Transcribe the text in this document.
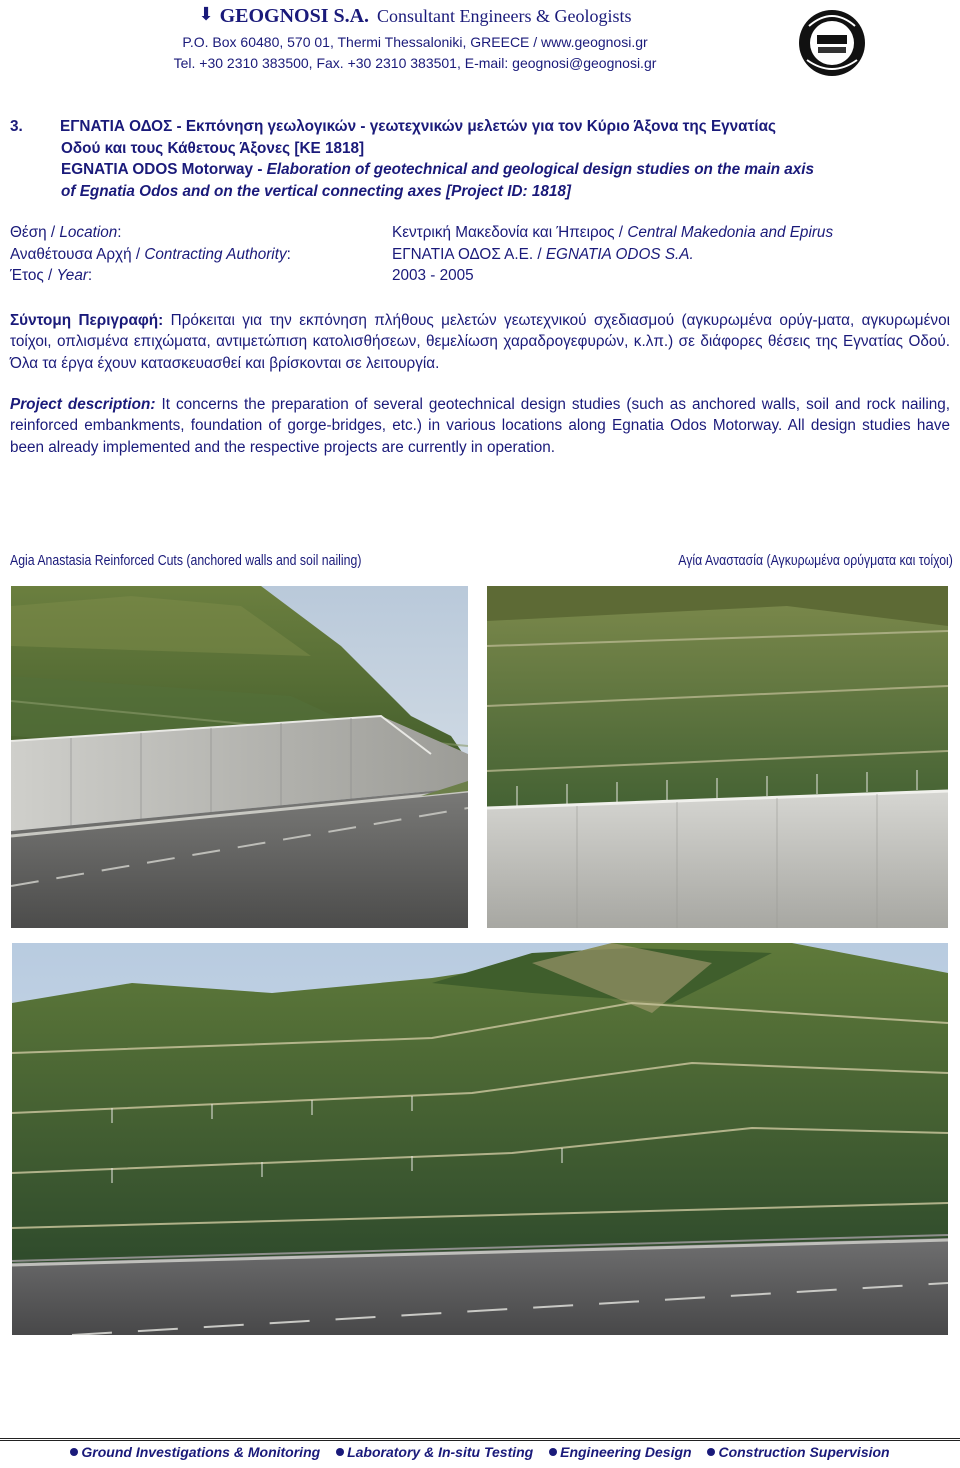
⬇ GEOGNOSI S.A. Consultant Engineers & Geologists
P.O. Box 60480, 570 01, Thermi Thessaloniki, GREECE / www.geognosi.gr
Tel. +30 2310 383500, Fax. +30 2310 383501, E-mail: geognosi@geognosi.gr
3. ΕΓΝΑΤΙΑ ΟΔΟΣ - Εκπόνηση γεωλογικών - γεωτεχνικών μελετών για τον Κύριο Άξονα της Εγνατίας
Οδού και τους Κάθετους Άξονες [ΚΕ 1818]
EGNATIA ODOS Motorway - Elaboration of geotechnical and geological design studies on the main axis
of Egnatia Odos and on the vertical connecting axes [Project ID: 1818]
Θέση / Location:	Κεντρική Μακεδονία και Ήπειρος / Central Makedonia and Epirus
Αναθέτουσα Αρχή / Contracting Authority:	ΕΓΝΑΤΙΑ ΟΔΟΣ Α.Ε. / EGNATIA ODOS S.A.
Έτος / Year:	2003 - 2005
Σύντομη Περιγραφή: Πρόκειται για την εκπόνηση πλήθους μελετών γεωτεχνικού σχεδιασμού (αγκυρωμένα ορύγ-ματα, αγκυρωμένοι τοίχοι, οπλισμένα επιχώματα, αντιμετώπιση κατολισθήσεων, θεμελίωση χαραδρογεφυρών, κ.λπ.) σε διάφορες θέσεις της Εγνατίας Οδού. Όλα τα έργα έχουν κατασκευασθεί και βρίσκονται σε λειτουργία.
Project description: It concerns the preparation of several geotechnical design studies (such as anchored walls, soil and rock nailing, reinforced embankments, foundation of gorge-bridges, etc.) in various locations along Egnatia Odos Motorway. All design studies have been already implemented and the respective projects are currently in operation.
Agia Anastasia Reinforced Cuts (anchored walls and soil nailing)	Αγία Αναστασία (Αγκυρωμένα ορύγματα και τοίχοι)
Ground Investigations & Monitoring Laboratory & In-situ Testing Engineering Design Construction Supervision
